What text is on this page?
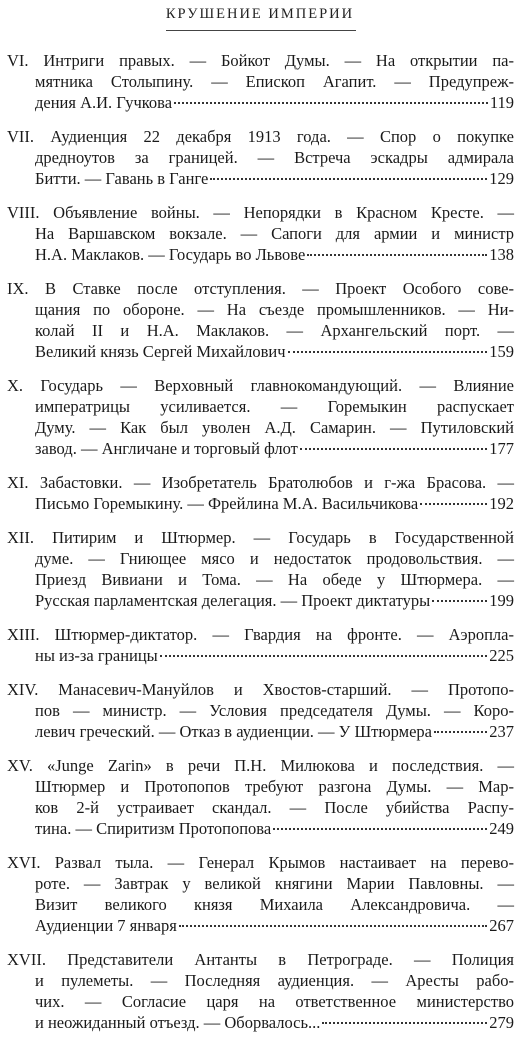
КРУШЕНИЕ ИМПЕРИИ
VI. Интриги правых. — Бойкот Думы. — На открытии па-
мятника Столыпину. — Епископ Агапит. — Предупреж-
дения А.И. Гучкова	119
VII. Аудиенция 22 декабря 1913 года. — Спор о покупке
дредноутов за границей. — Встреча эскадры адмирала
Битти. — Гавань в Ганге	129
VIII. Объявление войны. — Непорядки в Красном Кресте. —
На Варшавском вокзале. — Сапоги для армии и министр
Н.А. Маклаков. — Государь во Львове	138
IX. В Ставке после отступления. — Проект Особого сове-
щания по обороне. — На съезде промышленников. — Ни-
колай II и Н.А. Маклаков. — Архангельский порт. —
Великий князь Сергей Михайлович	159
X. Государь — Верховный главнокомандующий. — Влияние
императрицы усиливается. — Горемыкин распускает
Думу. — Как был уволен А.Д. Самарин. — Путиловский
завод. — Англичане и торговый флот	177
XI. Забастовки. — Изобретатель Братолюбов и г-жа Брасова. —
Письмо Горемыкину. — Фрейлина М.А. Васильчикова	192
XII. Питирим и Штюрмер. — Государь в Государственной
думе. — Гниющее мясо и недостаток продовольствия. —
Приезд Вивиани и Тома. — На обеде у Штюрмера. —
Русская парламентская делегация. — Проект диктатуры	199
XIII. Штюрмер-диктатор. — Гвардия на фронте. — Аэропла-
ны из-за границы	225
XIV. Манасевич-Мануйлов и Хвостов-старший. — Протопо-
пов — министр. — Условия председателя Думы. — Коро-
левич греческий. — Отказ в аудиенции. — У Штюрмера	237
XV. «Junge Zarin» в речи П.Н. Милюкова и последствия. —
Штюрмер и Протопопов требуют разгона Думы. — Мар-
ков 2-й устраивает скандал. — После убийства Распу-
тина. — Спиритизм Протопопова	249
XVI. Развал тыла. — Генерал Крымов настаивает на перево-
роте. — Завтрак у великой княгини Марии Павловны. —
Визит великого князя Михаила Александровича. —
Аудиенции 7 января	267
XVII. Представители Антанты в Петрограде. — Полиция
и пулеметы. — Последняя аудиенция. — Аресты рабо-
чих. — Согласие царя на ответственное министерство
и неожиданный отъезд. — Оборвалось...	279
